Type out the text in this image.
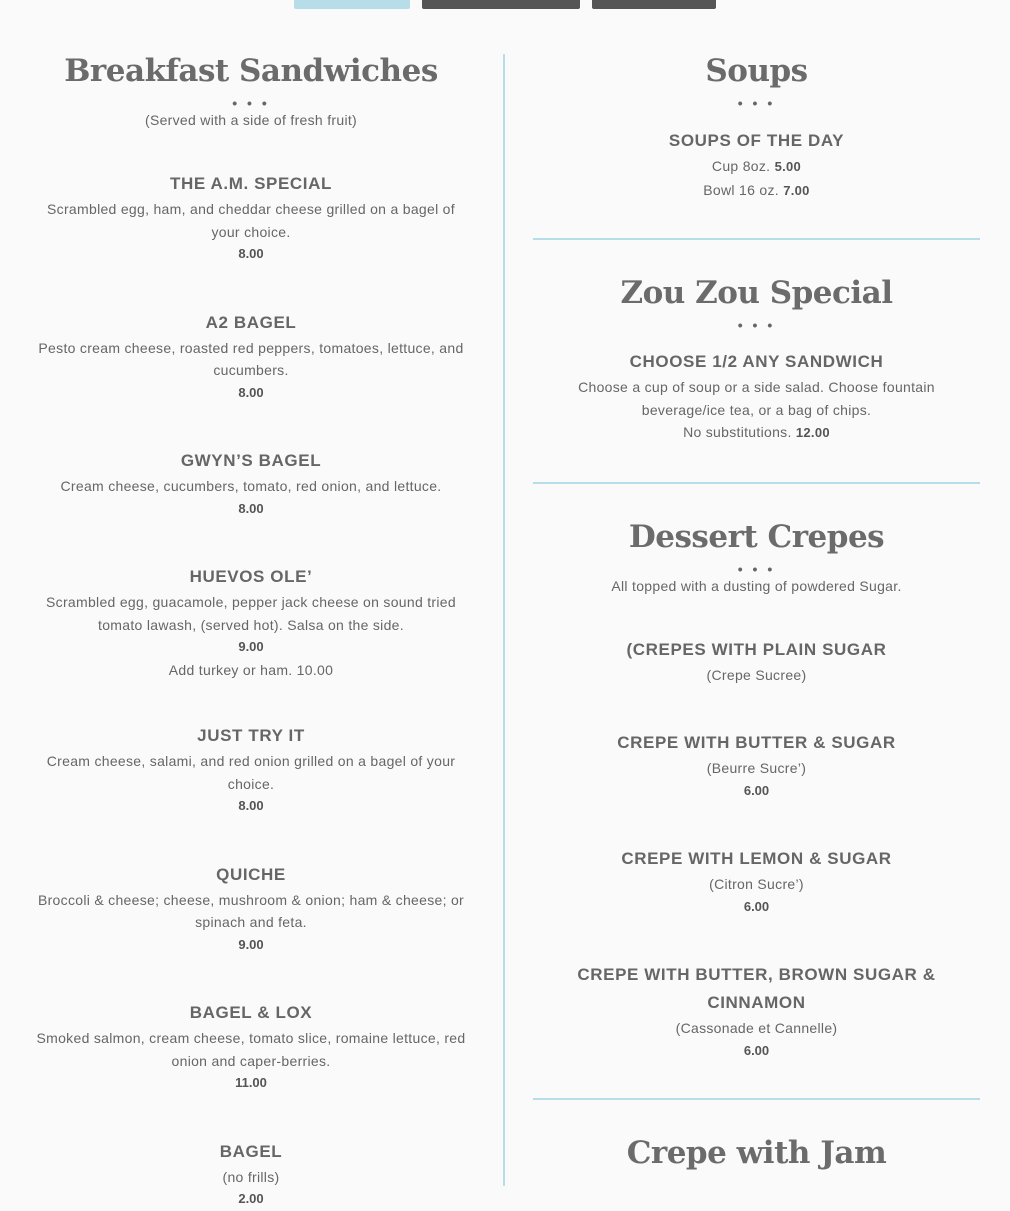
Breakfast Sandwiches
• • •
(Served with a side of fresh fruit)
THE A.M. SPECIAL
Scrambled egg, ham, and cheddar cheese grilled on a bagel of your choice.
8.00
A2 BAGEL
Pesto cream cheese, roasted red peppers, tomatoes, lettuce, and cucumbers.
8.00
GWYN’S BAGEL
Cream cheese, cucumbers, tomato, red onion, and lettuce.
8.00
HUEVOS OLE’
Scrambled egg, guacamole, pepper jack cheese on sound tried tomato lawash, (served hot). Salsa on the side.
9.00
Add turkey or ham. 10.00
JUST TRY IT
Cream cheese, salami, and red onion grilled on a bagel of your choice.
8.00
QUICHE
Broccoli & cheese; cheese, mushroom & onion; ham & cheese; or spinach and feta.
9.00
BAGEL & LOX
Smoked salmon, cream cheese, tomato slice, romaine lettuce, red onion and caper-berries.
11.00
BAGEL
(no frills)
2.00
Soups
• • •
SOUPS OF THE DAY
Cup 8oz. 5.00
Bowl 16 oz. 7.00
Zou Zou Special
• • •
CHOOSE 1/2 ANY SANDWICH
Choose a cup of soup or a side salad. Choose fountain beverage/ice tea, or a bag of chips.
No substitutions. 12.00
Dessert Crepes
• • •
All topped with a dusting of powdered Sugar.
(CREPES WITH PLAIN SUGAR
(Crepe Sucree)
CREPE WITH BUTTER & SUGAR
(Beurre Sucre’)
6.00
CREPE WITH LEMON & SUGAR
(Citron Sucre’)
6.00
CREPE WITH BUTTER, BROWN SUGAR & CINNAMON
(Cassonade et Cannelle)
6.00
Crepe with Jam
